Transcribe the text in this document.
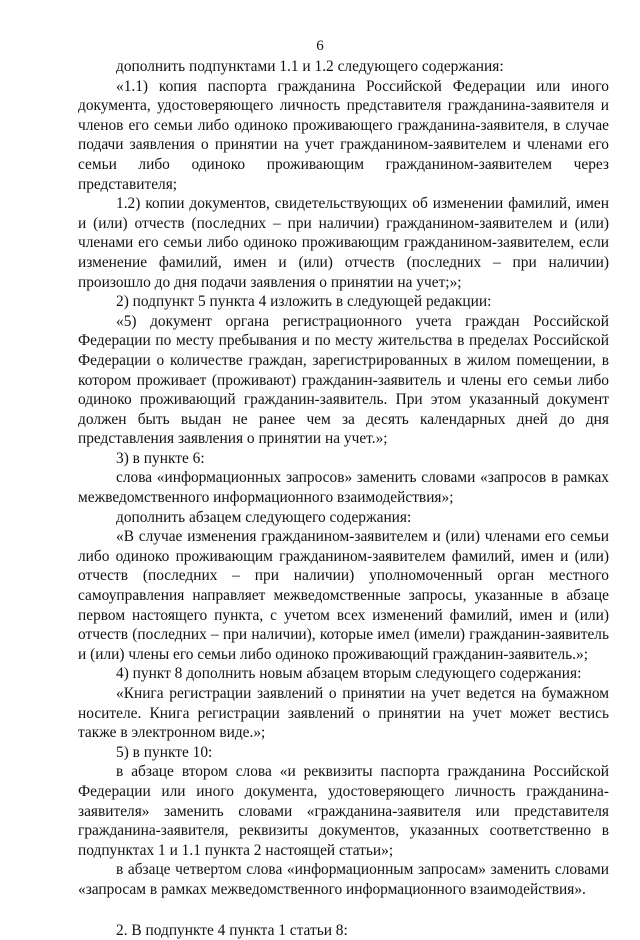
6

дополнить подпунктами 1.1 и 1.2 следующего содержания:

«1.1) копия паспорта гражданина Российской Федерации или иного документа, удостоверяющего личность представителя гражданина-заявителя и членов его семьи либо одиноко проживающего гражданина-заявителя, в случае подачи заявления о принятии на учет гражданином-заявителем и членами его семьи либо одиноко проживающим гражданином-заявителем через представителя;

1.2) копии документов, свидетельствующих об изменении фамилий, имен и (или) отчеств (последних – при наличии) гражданином-заявителем и (или) членами его семьи либо одиноко проживающим гражданином-заявителем, если изменение фамилий, имен и (или) отчеств (последних – при наличии) произошло до дня подачи заявления о принятии на учет;»;

2) подпункт 5 пункта 4 изложить в следующей редакции:

«5) документ органа регистрационного учета граждан Российской Федерации по месту пребывания и по месту жительства в пределах Российской Федерации о количестве граждан, зарегистрированных в жилом помещении, в котором проживает (проживают) гражданин-заявитель и члены его семьи либо одиноко проживающий гражданин-заявитель. При этом указанный документ должен быть выдан не ранее чем за десять календарных дней до дня представления заявления о принятии на учет.»;

3) в пункте 6:

слова «информационных запросов» заменить словами «запросов в рамках межведомственного информационного взаимодействия»;

дополнить абзацем следующего содержания:

«В случае изменения гражданином-заявителем и (или) членами его семьи либо одиноко проживающим гражданином-заявителем фамилий, имен и (или) отчеств (последних – при наличии) уполномоченный орган местного самоуправления направляет межведомственные запросы, указанные в абзаце первом настоящего пункта, с учетом всех изменений фамилий, имен и (или) отчеств (последних – при наличии), которые имел (имели) гражданин-заявитель и (или) члены его семьи либо одиноко проживающий гражданин-заявитель.»;

4) пункт 8 дополнить новым абзацем вторым следующего содержания:

«Книга регистрации заявлений о принятии на учет ведется на бумажном носителе. Книга регистрации заявлений о принятии на учет может вестись также в электронном виде.»;

5) в пункте 10:

в абзаце втором слова «и реквизиты паспорта гражданина Российской Федерации или иного документа, удостоверяющего личность гражданина-заявителя» заменить словами «гражданина-заявителя или представителя гражданина-заявителя, реквизиты документов, указанных соответственно в подпунктах 1 и 1.1 пункта 2 настоящей статьи»;

в абзаце четвертом слова «информационным запросам» заменить словами «запросам в рамках межведомственного информационного взаимодействия».

2. В подпункте 4 пункта 1 статьи 8:
